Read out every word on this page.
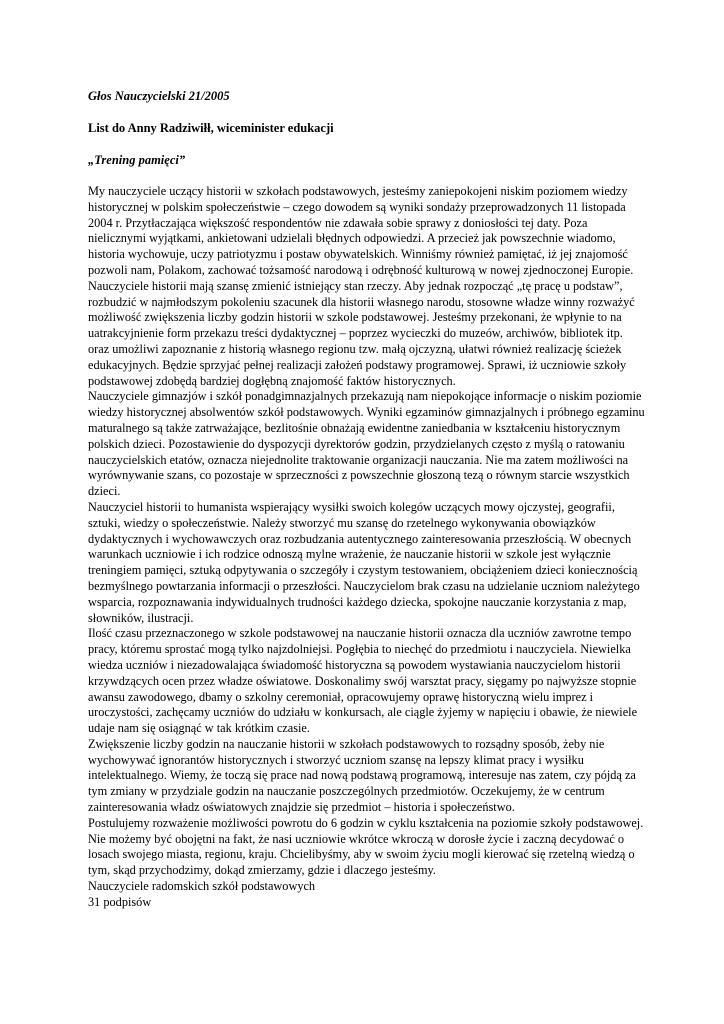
Głos Nauczycielski 21/2005

List do Anny Radziwiłł, wiceminister edukacji

„Trening pamięci”

My nauczyciele uczący historii w szkołach podstawowych, jesteśmy zaniepokojeni niskim poziomem wiedzy
historycznej w polskim społeczeństwie – czego dowodem są wyniki sondaży przeprowadzonych 11 listopada
2004 r. Przytłaczająca większość respondentów nie zdawała sobie sprawy z doniosłości tej daty. Poza
nielicznymi wyjątkami, ankietowani udzielali błędnych odpowiedzi. A przecież jak powszechnie wiadomo,
historia wychowuje, uczy patriotyzmu i postaw obywatelskich. Winniśmy również pamiętać, iż jej znajomość
pozwoli nam, Polakom, zachować tożsamość narodową i odrębność kulturową w nowej zjednoczonej Europie.
Nauczyciele historii mają szansę zmienić istniejący stan rzeczy. Aby jednak rozpocząć „tę pracę u podstaw”,
rozbudzić w najmłodszym pokoleniu szacunek dla historii własnego narodu, stosowne władze winny rozważyć
możliwość zwiększenia liczby godzin historii w szkole podstawowej. Jesteśmy przekonani, że wpłynie to na
uatrakcyjnienie form przekazu treści dydaktycznej – poprzez wycieczki do muzeów, archiwów, bibliotek itp.
oraz umożliwi zapoznanie z historią własnego regionu tzw. małą ojczyzną, ułatwi również realizację ścieżek
edukacyjnych. Będzie sprzyjać pełnej realizacji założeń podstawy programowej. Sprawi, iż uczniowie szkoły
podstawowej zdobędą bardziej dogłębną znajomość faktów historycznych.

Nauczyciele gimnazjów i szkół ponadgimnazjalnych przekazują nam niepokojące informacje o niskim poziomie
wiedzy historycznej absolwentów szkół podstawowych. Wyniki egzaminów gimnazjalnych i próbnego egzaminu
maturalnego są także zatrważające, bezlitośnie obnażają ewidentne zaniedbania w kształceniu historycznym
polskich dzieci. Pozostawienie do dyspozycji dyrektorów godzin, przydzielanych często z myślą o ratowaniu
nauczycielskich etatów, oznacza niejednolite traktowanie organizacji nauczania. Nie ma zatem możliwości na
wyrównywanie szans, co pozostaje w sprzeczności z powszechnie głoszoną tezą o równym starcie wszystkich
dzieci.

Nauczyciel historii to humanista wspierający wysiłki swoich kolegów uczących mowy ojczystej, geografii,
sztuki, wiedzy o społeczeństwie. Należy stworzyć mu szansę do rzetelnego wykonywania obowiązków
dydaktycznych i wychowawczych oraz rozbudzania autentycznego zainteresowania przeszłością. W obecnych
warunkach uczniowie i ich rodzice odnoszą mylne wrażenie, że nauczanie historii w szkole jest wyłącznie
treningiem pamięci, sztuką odpytywania o szczegóły i czystym testowaniem, obciążeniem dzieci koniecznością
bezmyślnego powtarzania informacji o przeszłości. Nauczycielom brak czasu na udzielanie uczniom należytego
wsparcia, rozpoznawania indywidualnych trudności każdego dziecka, spokojne nauczanie korzystania z map,
słowników, ilustracji.

Ilość czasu przeznaczonego w szkole podstawowej na nauczanie historii oznacza dla uczniów zawrotne tempo
pracy, któremu sprostać mogą tylko najzdolniejsi. Pogłębia to niechęć do przedmiotu i nauczyciela. Niewielka
wiedza uczniów i niezadowalająca świadomość historyczna są powodem wystawiania nauczycielom historii
krzywdzących ocen przez władze oświatowe. Doskonalimy swój warsztat pracy, sięgamy po najwyższe stopnie
awansu zawodowego, dbamy o szkolny ceremoniał, opracowujemy oprawę historyczną wielu imprez i
uroczystości, zachęcamy uczniów do udziału w konkursach, ale ciągle żyjemy w napięciu i obawie, że niewiele
udaje nam się osiągnąć w tak krótkim czasie.

Zwiększenie liczby godzin na nauczanie historii w szkołach podstawowych to rozsądny sposób, żeby nie
wychowywać ignorantów historycznych i stworzyć uczniom szansę na lepszy klimat pracy i wysiłku
intelektualnego. Wiemy, że toczą się prace nad nową podstawą programową, interesuje nas zatem, czy pójdą za
tym zmiany w przydziale godzin na nauczanie poszczególnych przedmiotów. Oczekujemy, że w centrum
zainteresowania władz oświatowych znajdzie się przedmiot – historia i społeczeństwo.

Postulujemy rozważenie możliwości powrotu do 6 godzin w cyklu kształcenia na poziomie szkoły podstawowej.
Nie możemy być obojętni na fakt, że nasi uczniowie wkrótce wkroczą w dorosłe życie i zaczną decydować o
losach swojego miasta, regionu, kraju. Chcielibyśmy, aby w swoim życiu mogli kierować się rzetelną wiedzą o
tym, skąd przychodzimy, dokąd zmierzamy, gdzie i dlaczego jesteśmy.

Nauczyciele radomskich szkół podstawowych

31 podpisów
